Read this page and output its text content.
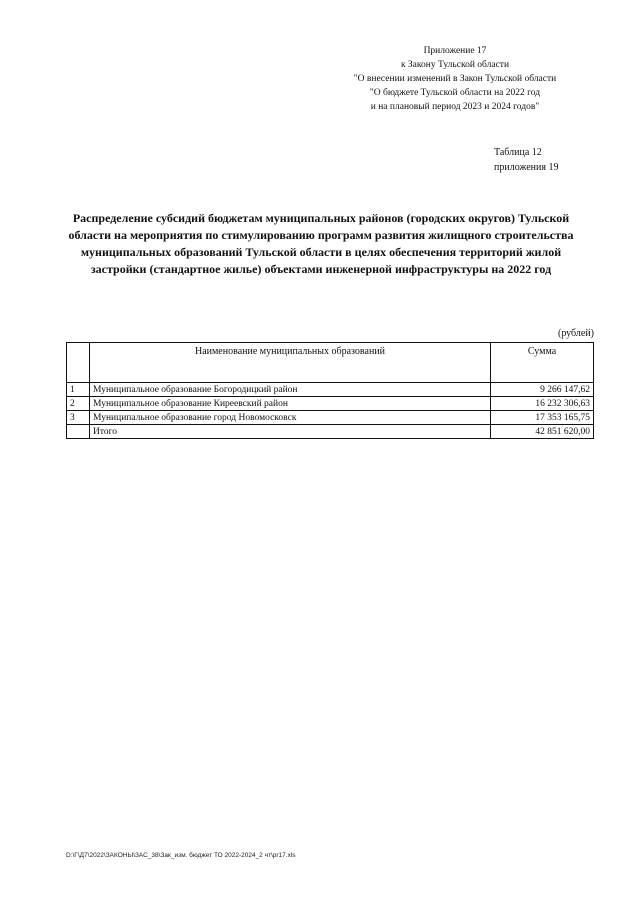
Приложение 17
к Закону Тульской области
"О внесении изменений в Закон Тульской области
"О бюджете Тульской области на 2022 год
и на плановый период 2023 и 2024 годов"
Таблица 12
приложения 19
Распределение субсидий бюджетам муниципальных районов (городских округов) Тульской области на мероприятия по стимулированию программ развития жилищного строительства муниципальных образований Тульской области в целях обеспечения территорий жилой застройки (стандартное жилье) объектами инженерной инфраструктуры на 2022 год
(рублей)
	Наименование муниципальных образований	Сумма
1	Муниципальное образование Богородицкий район	9 266 147,62
2	Муниципальное образование Киреевский район	16 232 306,63
3	Муниципальное образование город Новомосковск	17 353 165,75
	Итого	42 851 620,00
D:\Г\Д7\2022\ЗАКОНЫ\ЗАС_38\Зак_изм. бюджет ТО 2022-2024_2 чт\pr17.xls
